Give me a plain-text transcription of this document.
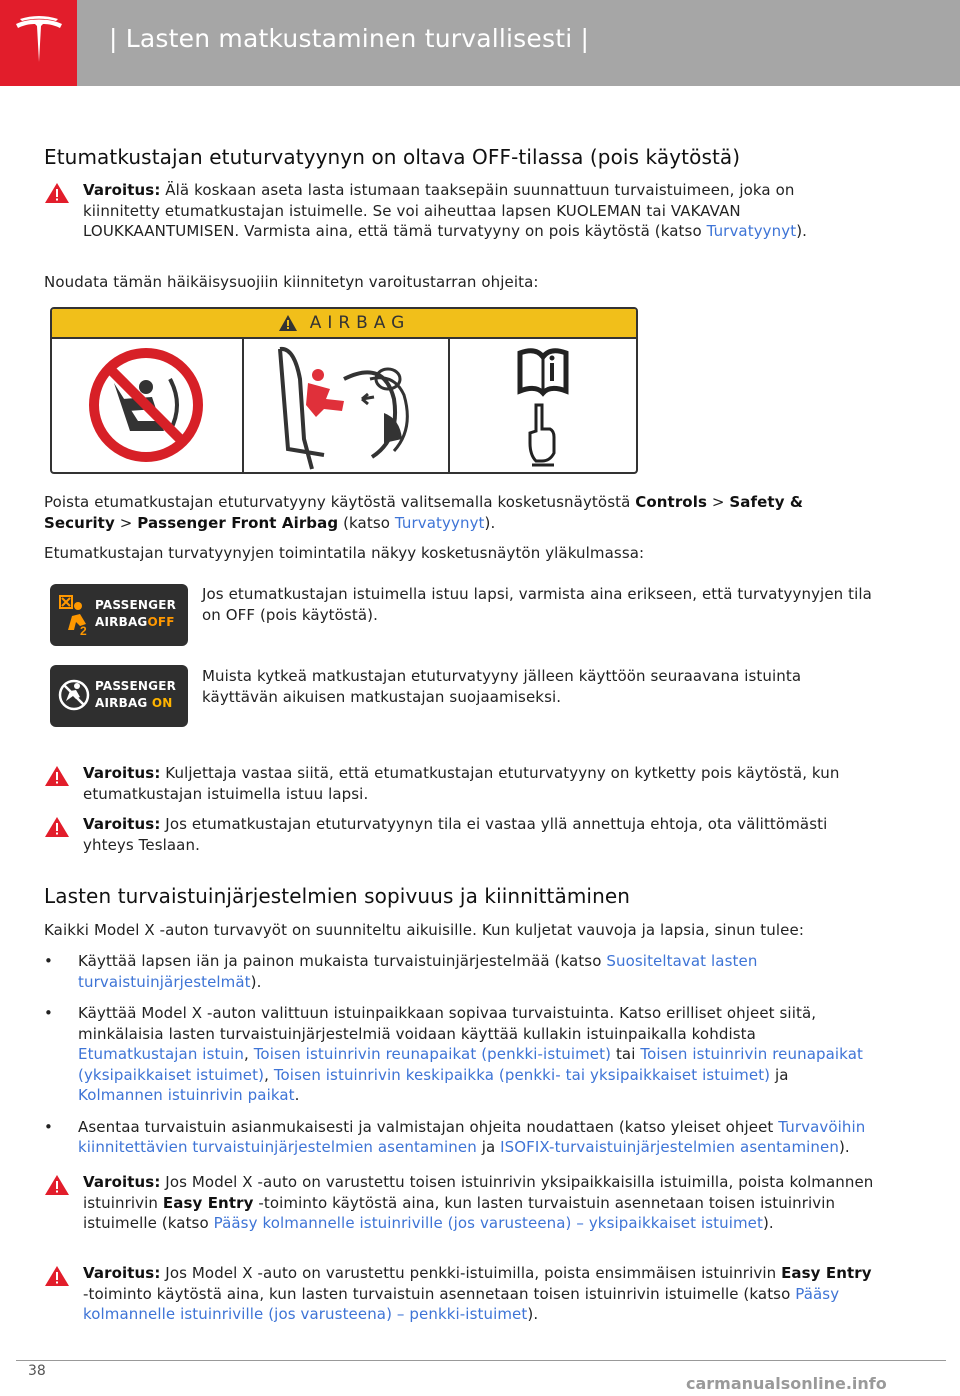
| Lasten matkustaminen turvallisesti |
Etumatkustajan etuturvatyynyn on oltava OFF-tilassa (pois käytöstä)

Varoitus: Älä koskaan aseta lasta istumaan taaksepäin suunnattuun turvaistuimeen, joka on kiinnitetty etumatkustajan istuimelle. Se voi aiheuttaa lapsen KUOLEMAN tai VAKAVAN LOUKKAANTUMISEN. Varmista aina, että tämä turvatyyny on pois käytöstä (katso Turvatyynyt).

Noudata tämän häikäisysuojiin kiinnitetyn varoitustarran ohjeita:

AIRBAG

Poista etumatkustajan etuturvatyyny käytöstä valitsemalla kosketusnäytöstä Controls > Safety & Security > Passenger Front Airbag (katso Turvatyynyt).

Etumatkustajan turvatyynyjen toimintatila näkyy kosketusnäytön yläkulmassa:

2
PASSENGER
AIRBAGOFF

Jos etumatkustajan istuimella istuu lapsi, varmista aina erikseen, että turvatyynyjen tila on OFF (pois käytöstä).

PASSENGER
AIRBAG ON

Muista kytkeä matkustajan etuturvatyyny jälleen käyttöön seuraavana istuinta käyttävän aikuisen matkustajan suojaamiseksi.

Varoitus: Kuljettaja vastaa siitä, että etumatkustajan etuturvatyyny on kytketty pois käytöstä, kun etumatkustajan istuimella istuu lapsi.

Varoitus: Jos etumatkustajan etuturvatyynyn tila ei vastaa yllä annettuja ehtoja, ota välittömästi yhteys Teslaan.

Lasten turvaistuinjärjestelmien sopivuus ja kiinnittäminen

Kaikki Model X -auton turvavyöt on suunniteltu aikuisille. Kun kuljetat vauvoja ja lapsia, sinun tulee:

• Käyttää lapsen iän ja painon mukaista turvaistuinjärjestelmää (katso Suositeltavat lasten turvaistuinjärjestelmät).
• Käyttää Model X -auton valittuun istuinpaikkaan sopivaa turvaistuinta. Katso erilliset ohjeet siitä, minkälaisia lasten turvaistuinjärjestelmiä voidaan käyttää kullakin istuinpaikalla kohdista Etumatkustajan istuin, Toisen istuinrivin reunapaikat (penkki-istuimet) tai Toisen istuinrivin reunapaikat (yksipaikkaiset istuimet), Toisen istuinrivin keskipaikka (penkki- tai yksipaikkaiset istuimet) ja Kolmannen istuinrivin paikat.
• Asentaa turvaistuin asianmukaisesti ja valmistajan ohjeita noudattaen (katso yleiset ohjeet Turvavöihin kiinnitettävien turvaistuinjärjestelmien asentaminen ja ISOFIX-turvaistuinjärjestelmien asentaminen).

Varoitus: Jos Model X -auto on varustettu toisen istuinrivin yksipaikkaisilla istuimilla, poista kolmannen istuinrivin Easy Entry -toiminto käytöstä aina, kun lasten turvaistuin asennetaan toisen istuinrivin istuimelle (katso Pääsy kolmannelle istuinriville (jos varusteena) – yksipaikkaiset istuimet).

Varoitus: Jos Model X -auto on varustettu penkki-istuimilla, poista ensimmäisen istuinrivin Easy Entry -toiminto käytöstä aina, kun lasten turvaistuin asennetaan toisen istuinrivin istuimelle (katso Pääsy kolmannelle istuinriville (jos varusteena) – penkki-istuimet).

38
carmanualsonline.info
